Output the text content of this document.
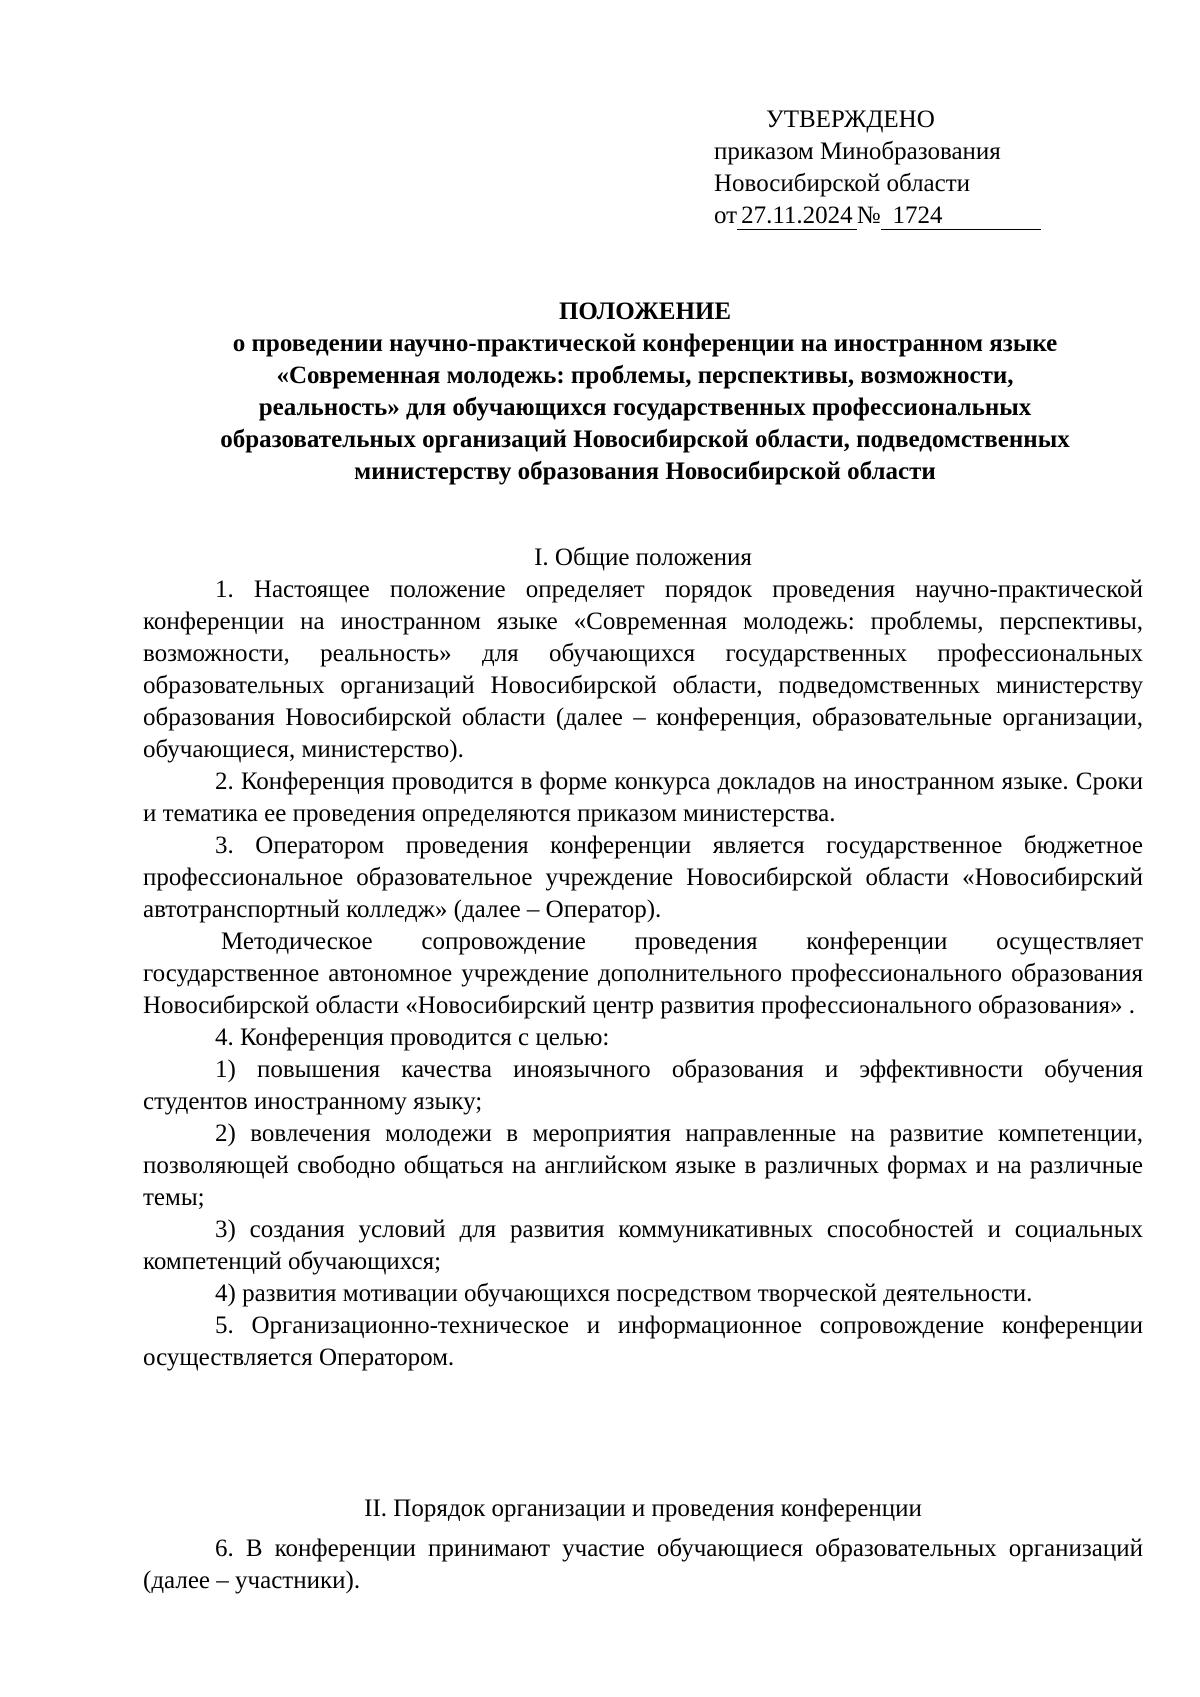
УТВЕРЖДЕНО
приказом Минобразования
Новосибирской области
от 27.11.2024 № 1724
ПОЛОЖЕНИЕ
о проведении научно-практической конференции на иностранном языке
«Современная молодежь: проблемы, перспективы, возможности,
реальность» для обучающихся государственных профессиональных
образовательных организаций Новосибирской области, подведомственных
министерству образования Новосибирской области

I. Общие положения

1. Настоящее положение определяет порядок проведения научно-практической конференции на иностранном языке «Современная молодежь: проблемы, перспективы, возможности, реальность» для обучающихся государственных профессиональных образовательных организаций Новосибирской области, подведомственных министерству образования Новосибирской области (далее – конференция, образовательные организации, обучающиеся, министерство).

2. Конференция проводится в форме конкурса докладов на иностранном языке. Сроки и тематика ее проведения определяются приказом министерства.

3. Оператором проведения конференции является государственное бюджетное профессиональное образовательное учреждение Новосибирской области «Новосибирский автотранспортный колледж» (далее – Оператор).

Методическое сопровождение проведения конференции осуществляет государственное автономное учреждение дополнительного профессионального образования Новосибирской области «Новосибирский центр развития профессионального образования» .

4. Конференция проводится с целью:

1) повышения качества иноязычного образования и эффективности обучения студентов иностранному языку;

2) вовлечения молодежи в мероприятия направленные на развитие компетенции, позволяющей свободно общаться на английском языке в различных формах и на различные темы;

3) создания условий для развития коммуникативных способностей и социальных компетенций обучающихся;

4) развития мотивации обучающихся посредством творческой деятельности.

5. Организационно-техническое и информационное сопровождение конференции осуществляется Оператором.

II. Порядок организации и проведения конференции

6. В конференции принимают участие обучающиеся образовательных организаций (далее – участники).
